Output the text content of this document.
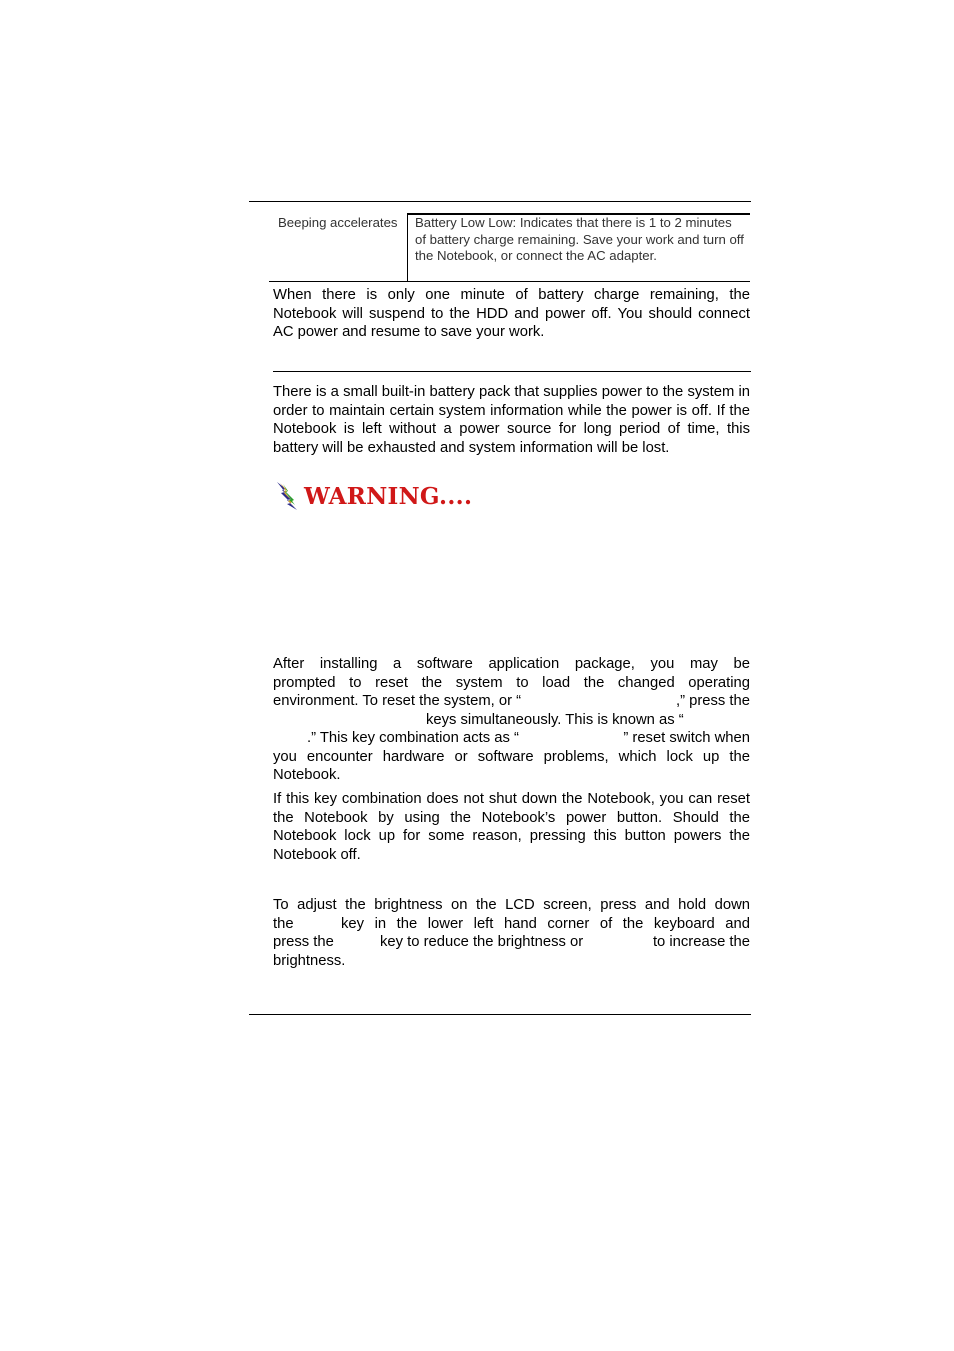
Beeping accelerates	Battery Low Low: Indicates that there is 1 to 2 minutes of battery charge remaining. Save your work and turn off the Notebook, or connect the AC adapter.
When there is only one minute of battery charge remaining, the Notebook will suspend to the HDD and power off. You should connect AC power and resume to save your work.
There is a small built-in battery pack that supplies power to the system in order to maintain certain system information while the power is off. If the Notebook is left without a power source for long period of time, this battery will be exhausted and system information will be lost.
WARNING....
After installing a software application package, you may be
prompted to reset the system to load the changed operating
environment. To reset the system, or “	,” press the
keys simultaneously. This is known as “
.” This key combination acts as “	” reset switch when
you encounter hardware or software problems, which lock up the
Notebook.
If this key combination does not shut down the Notebook, you can reset the Notebook by using the Notebook’s power button. Should the Notebook lock up for some reason, pressing this button powers the Notebook off.
To adjust the brightness on the LCD screen, press and hold down
the	key in the lower left hand corner of the keyboard and
press the	key to reduce the brightness or	to increase the
brightness.
